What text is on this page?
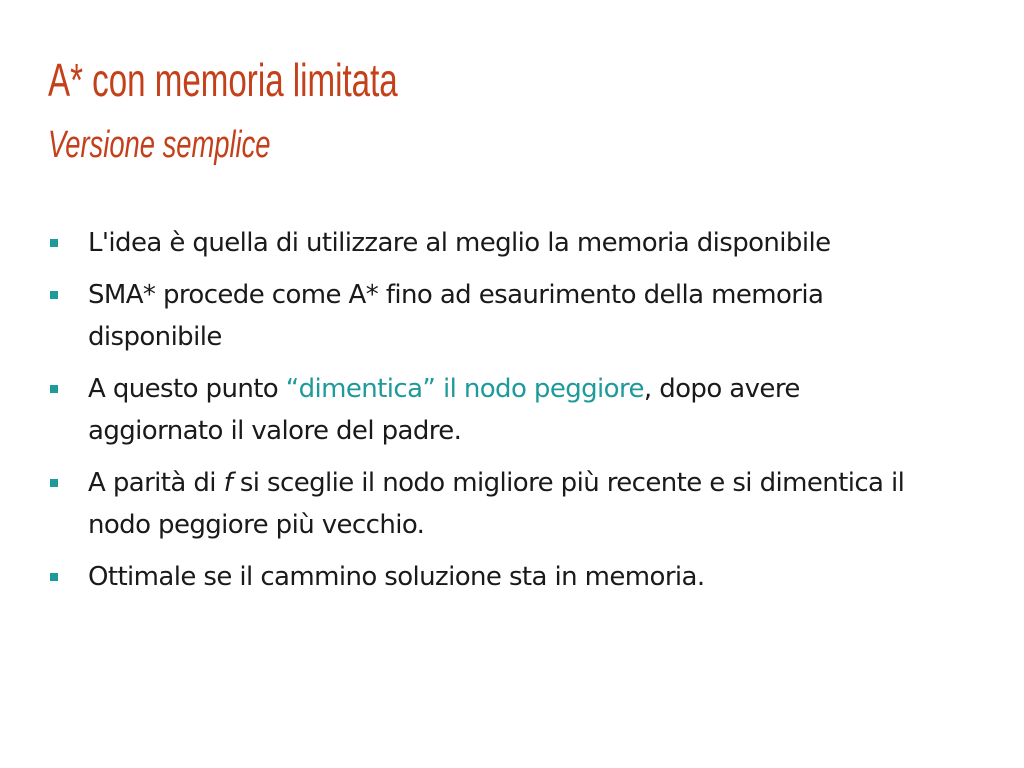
A* con memoria limitata
Versione semplice
L'idea è quella di utilizzare al meglio la memoria disponibile
SMA* procede come A* fino ad esaurimento della memoria disponibile
A questo punto “dimentica” il nodo peggiore, dopo avere aggiornato il valore del padre.
A parità di f si sceglie il nodo migliore più recente e si dimentica il nodo peggiore più vecchio.
Ottimale se il cammino soluzione sta in memoria.
